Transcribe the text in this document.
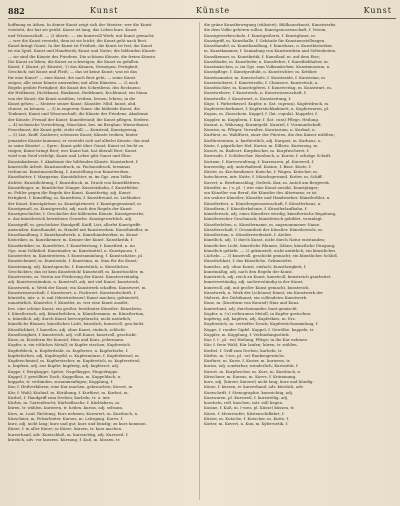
882	Kunst	Künste	Kunst
hoffnung zu Athen. In deiner Kunst zeigt sich der Meister; wer die Kunst
versteht, der hat sie geübt. Kunst ist lang, das Leben kurz. Kunst
und Wissenschaft. — 2) übertr.: — ein kunstvoll Werk; mit Kunst gemacht;
— wer die Kunst versteht, dem ist sie leicht; die Kunst geht nach Brot.
Kunst bringt Gunst. In der Kunst ist Freiheit, die Kunst ist frei; die Kunst
ist ein Spiel. Kunst und Handwerk; Kunst und Natur; die bildenden Künste
— sie sind die Künste des Friedens. Die schönen Künste, die freien Künste.
Die Kunst zu leben; die Kunst zu schweigen; die Kunst zu gefallen.
Kunst, f. (Kunst, pl. Künste), 1) das Können, Vermögen, Fertigkeit,
Geschick; mit Kunst und Fleiß; — das ist keine Kunst; was ist das
für eine Kunst? — eine Kunst, die nach Brot geht; — seine Kunst
zeigen; alle seine Künste anwenden; mit allen Künsten. — 2) nach
Regeln geübte Fertigkeit; die Kunst des Schreibens, des Rechnens;
die Heilkunst, Dichtkunst, Baukunst, Redekunst, Kochkunst; ein Mann
von der Kunst; die Kunst ausüben, treiben, lernen, lehren; in die
Kunst gehen; — Meister seiner Kunst; Künstler. Mhd. kunst, ahd.
chunst, zu können. — 3) in engerem Sinne: die bildende Kunst; die
Tonkunst; Kunst und Wissenschaft; die Künste des Friedens; Akademie
der Künste; Freund der Kunst; Kunstfreund; die Kunst pflegen, fördern.
— 4) technische Vorrichtung, Maschine, bes. im Bergbau: Wasserkunst,
Feuerkunst; die Kunst geht, steht still; — Kunstrad, Kunstgezeug.
— 5) List, Kniff, Zauberei; schwarze Kunst; Künste treiben; hinter
jemandes Künste kommen; er versteht sich auf allerlei Künste; das sind
so seine Künste! — Sprw.: Kunst geht über Gunst; Kunst ist leicht zu
tragen; Kunst bringt Brot; wer Kunst hat, hat überall Brot; Kunst
wird vom Neid verfolgt; Kunst und Lehre gibt Gunst und Ehre.
Kunstakademie, f. Akademie der bildenden Künste. Kunstarbeit, f.
kunstvolle Arbeit. Kunstausdruck, m. Fachausdruck, terminus
technicus. Kunstausstellung, f. Ausstellung von Kunstwerken.
Kunstbutter, f. Margarine. Kunstdichter, m. im Ggs. zum Volks-
dichter. Kunstdichtung, f. Kunstdruck, m. Druck von Kunstblättern.
Kunstdünger, m. künstlicher Dünger. Kunsteisbahn, f. Kunstfehler,
m. Fehler gegen die Regeln der Kunst. Kunstfertig, adj. Kunst-
fertigkeit, f. Kunstflug, m. Kunstform, f. Kunstfreund, m. Liebhaber
der Kunst. Kunstgärtner, m. Kunstgärtnerei, f. Kunstgegenstand, m.
Kunstgenuß, m. Kunstgerecht, adj. nach den Regeln der Kunst.
Kunstgeschichte, f. Geschichte der bildenden Künste. Kunstgewerbe,
n. das künstlerisch betriebene Gewerbe. Kunstgewerblich, adj.
Kunstgriff, m. geschickter Handgriff, Kniff, List; allerlei Kunstgriffe
anwenden. Kunsthandel, m. Handel mit Kunstwerken. Kunsthändler, m.
Kunsthandlung, f. Kunsthandwerk, n. Kunsthandwerker, m. Kunst-
historiker, m. Kunstkenner, m. Kenner der Kunst. Kunstkritik, f.
Kunstkritiker, m. Kunstlehre, f. Kunstleistung, f. Kunstlied, n. im
Ggs. zum Volkslied. Kunstmaler, m. Kunstmittel, n. Kunstpause, f.
Kunstreiter, m. Kunstreiterin, f. Kunstsammlung, f. Kunstschätze, pl.
Kunstschmied, m. Kunstseide, f. Kunstsinn, m. Sinn für die Kunst;
Kunstsinnig, adj. Kunstsprache, f. Kunststück, n. Künstliches,
Geschicktes; das ist kein Kunststück! Kunststoff, m. Kunsttischler, m.
Kunstverein, m. Verein zur Förderung der Kunst. Kunstverständig,
adj. Kunstverständnis, n. Kunstvoll, adj. mit viel Kunst, kunstreich.
Kunstwerk, n. Werk der Kunst; ein Kunstwerk schaffen. Kunstwert, m.
Kunstwissenschaft, f. Kunstwort, n. Fachwort. Kunstzeitschrift, f.
künsteln, intr. u. tr. mit (übertriebener) Kunst machen; gekünstelt,
unnatürlich. Künstelei, f. Künstler, m. wer eine Kunst ausübt,
bes. eine schöne Kunst; ein großer, berühmter Künstler; Künstlerin,
f. Künstlerisch, adj. Künstlerleben, n. Künstlername, m. Künstlertum,
n. künstlich, adj. durch Kunst hervorgebracht, nicht natürlich;
künstliche Blumen, künstliches Licht; künstlich, kunstvoll, geschickt.
Künstlichkeit, f. kunstlos, adj. ohne Kunst, einfach, schlicht.
Kunstlosigkeit, f. kunstreich, adj. voll Kunst, kunstvoll, geschickt.
Kunz, m. Koseform für Konrad; Hinz und Kunz, jedermann.
Kupfer, n. ein rötliches Metall; in Kupfer stechen; Kupferstich.
Kupferblech, n. Kupferdraht, m. Kupfererz, n. Kupferfarbe, f.
kupferfarben, adj. Kupfergeld, n. Kupfermünze, f. Kupferkessel, m.
Kupferschmied, m. Kupferstecher, m. Kupferstich, m. Kupfervitriol,
n. kupfern, adj. aus Kupfer. kupferig, adj. kupferrot, adj.
Kuppe, f. Bergkuppe, Spitze; Nagelkuppe, Fingerkuppe.
Kuppel, f. gewölbtes Dach; Kuppelbau, m. Kuppeldach, n.
kuppeln, tr. verbinden, zusammenfügen; Kupplung, f.
Kur, f. Heilverfahren; eine Kur machen, gebrauchen; Kurort, m.
Kür, f. Wahl; Kürlauf, m. Kürübung, f. Kurfürst, m. Kurhut, m.
Kurbel, f. Handgriff zum Drehen; kurbeln, tr. u. intr.
Kürbis, m. Gartenfrucht; Kürbisflasche, f. Kürbiskern, m.
küren, tr. wählen. kurieren, tr. heilen. kurios, adj. seltsam.
Kurs, m. Lauf, Richtung; Kurs nehmen; Kurswert, m. Kursbuch, n.
Kürschner, m. Pelzarbeiter. Kursus, m. Lehrgang. Kurve, f.
kurz, adj. nicht lang; kurz und gut; kurz und bündig; zu kurz kommen.
Kürze, f. in aller Kürze; in Kürze. kürzen, tr. kurz machen.
kurzerhand, adv. Kurzschluß, m. kurzsichtig, adj. Kurzweil, f.
kürzlich, adv. vor kurzem. Kürzung, f. Kuß, m. küssen, tr.
die grüne Kunstbewegung (stilisiert); Bildhauerkunst, Kunstwerke,
die dem Volke gehören sollen. Kunstgenossenschaft, f. Verein,
Kunstgewerbeschule, f. Kunstgießerei, f. Kunstglaser, m.
Kunstgriff, m. Kunsthalle, f. Gebäude für Kunstausstellungen.
Kunsthandel, m. Kunsthandlung, f. Kunstharz, n. Kunsthistoriker,
m. Kunstkammer, f. Sammlung von Kunstwerken und Seltenheiten.
Kunstkenner, m. Kunstkritik, f. Kunstlauf, m. auf dem Eise;
Kunstläufer, m. Kunstleder, n. Kunstlehre, f. Kunstliebhaber, m.
Kunstmärchen, n. im Ggs. zum Volksmärchen. Kunstmuseum, n.
Kunstpflege, f. Kunstprodukt, n. Kunstrichter, m. Kritiker.
Kunstsammler, m. Kunstschule, f. Kunstseide, f. Kunstsinn, m.
Kunststickerei, f. Kunststraße, f. Chaussee. Kunststück, n.
Kunsttischler, m. Kunsttöpferei, f. Kunstverlag, m. Kunstwart, m.
Kunstwebere, f. Kunstwerk, n. Kunstwissenschaft, f.
Kunstwolle, f. Kunstwort, n. Kunstzeitung, f.
Küpe, f. Färberkessel. Kupfer, n. (lat. cuprum). Kupferdruck, m.
Kupferstecherkunst, f. Kupferstichkabinett, n. Kupferwaren, pl.
Kupon, m. Zinsschein. Kuppel, f. (lat. cupula). Kuppelei, f.
Kuppler, m. Kupplerin, f. Kur, f. (lat. cura) Pflege, Heilung.
Kurant, n. Währung; Kurantgeld. Kuratel, f. Vormundschaft.
Kurator, m. Pfleger, Verwalter. Kuratorium, n. Kurbad, n.
Kurfürst, m. Wahlfürst, einer der Fürsten, die den Kaiser wählten;
Kurfürstentum, n. kurfürstlich, adj. Kurgast, m. Kurhaus, n.
Kurie, f. päpstlicher Hof. Kurier, m. Eilbote. Kurierzug, m.
Kurort, m. Badeort. Kurpfuscher, m. Kurpfuscherei, f.
Kurrende, f. Schülerchor. Kursbuch, n. Kursiv, f. schräge Schrift.
Kurtaxe, f. Kurverwaltung, f. Kurzwaren, pl. Kurzweil, f.
kurzweilig, adj. unterhaltend. Kusine, f. Base. Küste, f.
Küster, m. Kirchendiener. Kutsche, f. Wagen. Kutscher, m.
kutschieren, intr. Kutte, f. Mönchsgewand. Kutter, m. Schiff.
Kuvert, n. Briefumschlag; Gedeck. Kux, m. Anteil am Bergwerk.
Künstler, m. (-s, pl. -) wer eine Kunst ausübt, Kunstjünger;
ein Künstler von Beruf; die Künstler des Altertums; er ist
ein wahrer Künstler; Künstler und Handwerker. Künstlerblut, n.
Künstlerfest, n. Künstlergenossenschaft, f. Künstlerhaus, n.
Künstlerin, f. Künstlerkolonie, f. Künstlerlaufbahn, f.
künstlerisch, adj. eines Künstlers würdig; künstlerische Begabung,
künstlerischer Geschmack; künstlerisch gebildet, veranlagt.
Künstlerleben, n. Künstlername, m. angenommener Name.
Künstlerschaft, f. Gesamtheit der Künstler. Künstlerstolz, m.
Künstlertum, n. Künstlerwerkstatt, f. Atelier.
künstlich, adj. 1) durch Kunst, nicht durch Natur entstanden;
künstliches Licht, künstliche Blumen, Zähne; künstliche Düngung;
künstlich gefärbt. — 2) gekünstelt, nicht natürlich; ein künstliches
Lächeln. — 3) kunstvoll, geschickt gemacht; ein künstliches Schloß.
Künstlichkeit, f. das Künstliche, Gekünstelte.
kunstlos, adj. ohne Kunst, einfach; Kunstlosigkeit, f.
kunstmäßig, adj. nach den Regeln der Kunst.
kunstreich, adj. reich an Kunst, kunstvoll; kunstreich gearbeitet.
kunstverständig, adj. sachverständig in der Kunst.
kunstvoll, adj. mit großer Kunst gemacht, kunstreich.
Kunstwerk, n. Werk der (schönen) Kunst; ein Kunstwerk der
Malerei, der Dichtkunst; ein vollendetes Kunstwerk.
Kunz, m. (Kurzform von Konrad) Hinz und Kunz.
kunterbunt, adj. durcheinander, bunt gemischt.
Kupfer, n. (-s) rotbraunes Metall; in Kupfer gestochen.
kupferig, adj. kupfern, adj. Kupferkies, m. Erz.
Kupferstich, m. vertiefter Druck; Kupferstichsammlung, f.
Kuppe, f. runder Gipfel. Kuppel, f. Gewölbe. kuppeln, tr.
Kuppler, m. Kupplung, f. Verbindungsstück.
Kur, f. (-, pl. -en) Heilung, Pflege; in die Kur nehmen.
Kür, f. freie Wahl; Kür laufen; küren, tr. wählen.
Kurbel, f. Griff zum Drehen; kurbeln, tr.
Kürbis, m. (-ses, pl. -se) Rankengewächs.
Kurfürst, m. Kurie, f. Kurier, m. kurieren, tr.
kurios, adj. sonderbar, wunderlich; Kuriosität, f.
Kurort, m. Kurpfuscher, m. Kurs, m. Kursbuch, n.
Kürschner, m. Kursus, m. Kurve, f. Krümmung.
kurz, adj. (kürzer, kürzest) nicht lang; kurz und bündig.
Kürze, f. kürzen, tr. kurzerhand, adv. kürzlich, adv.
Kurzschrift, f. Stenographie. kurzsichtig, adj.
Kurzwaren, pl. Kurzweil, f. kurzweilig, adj.
kuscheln, refl. kuschen, intr. still liegen.
Kusine, f. Kuß, m. (-sses, pl. Küsse) küssen, tr.
Küste, f. Meeresufer; Küstenschiffahrt, f.
Küster, m. Kutsche, f. Kutscher, m. Kutte, f.
Kutter, m. Kuvert, n. Kux, m. Kybernetik, f.
